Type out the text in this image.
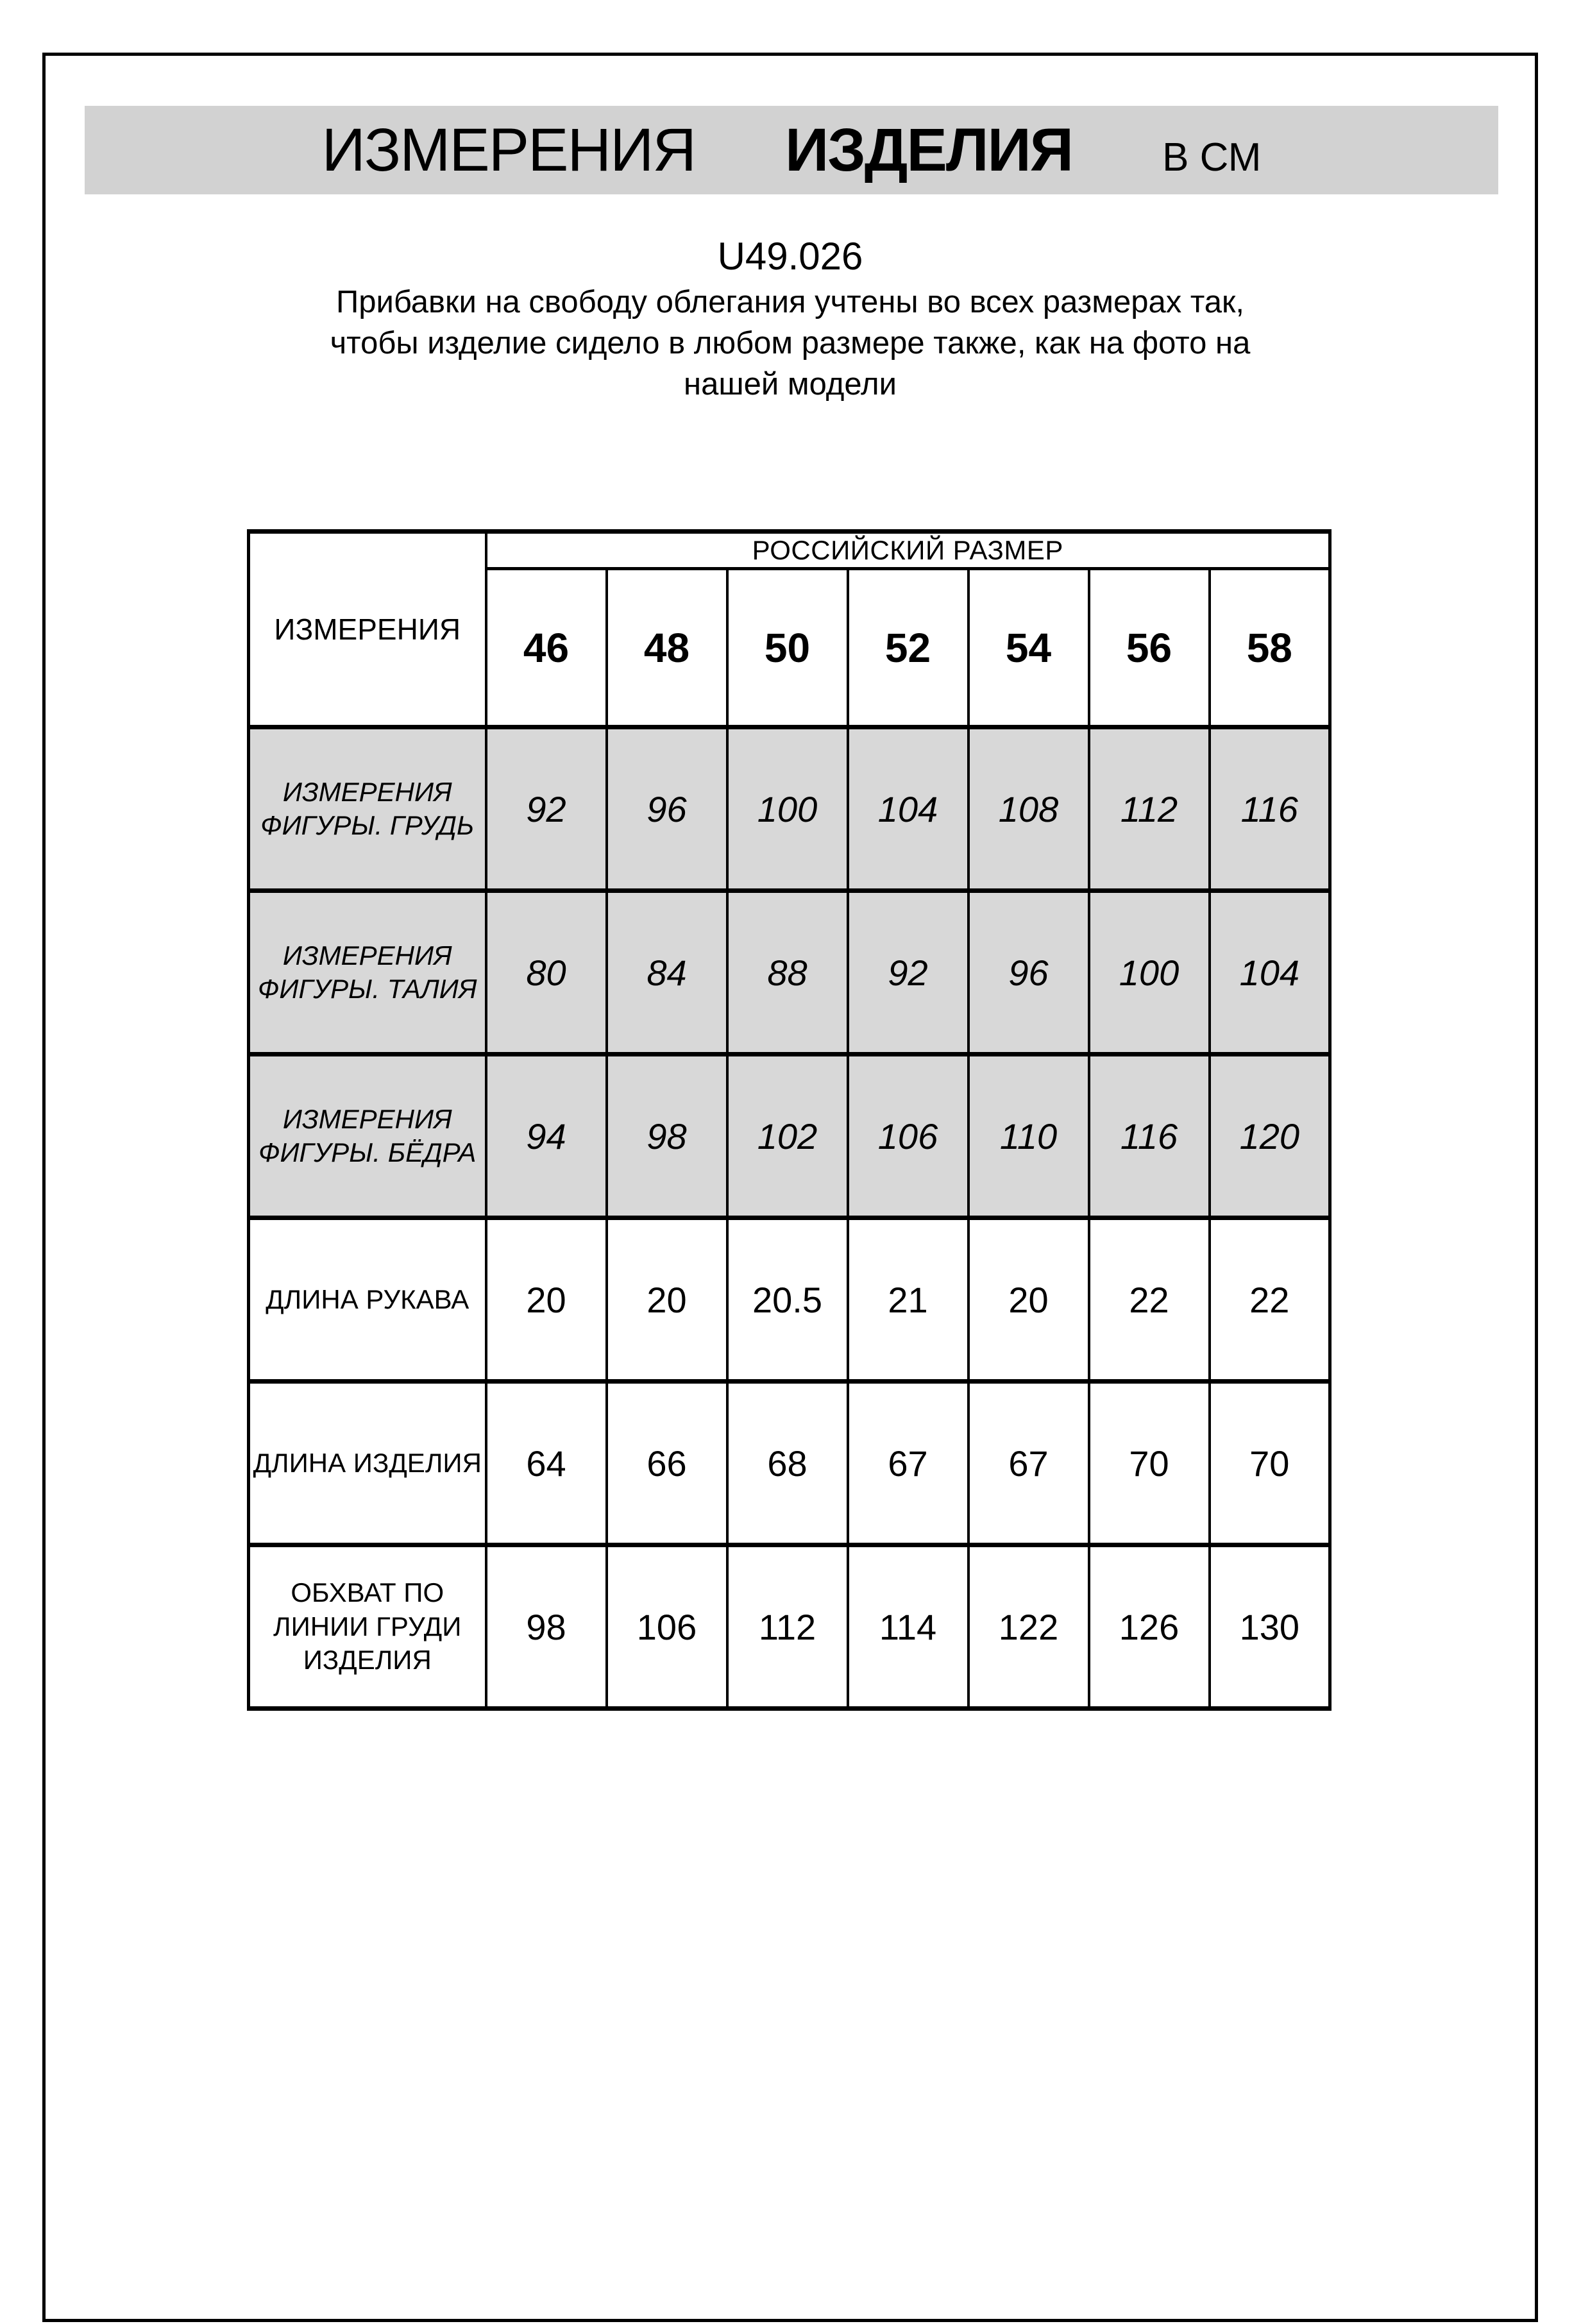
ИЗМЕРЕНИЯ ИЗДЕЛИЯ В СМ
U49.026
Прибавки на свободу облегания учтены во всех размерах так,
чтобы изделие сидело в любом размере также, как на фото на
нашей модели
ИЗМЕРЕНИЯ	РОССИЙСКИЙ РАЗМЕР						
	46	48	50	52	54	56	58
ИЗМЕРЕНИЯ ФИГУРЫ. ГРУДЬ	92	96	100	104	108	112	116
ИЗМЕРЕНИЯ ФИГУРЫ. ТАЛИЯ	80	84	88	92	96	100	104
ИЗМЕРЕНИЯ ФИГУРЫ. БЁДРА	94	98	102	106	110	116	120
ДЛИНА РУКАВА	20	20	20.5	21	20	22	22
ДЛИНА ИЗДЕЛИЯ	64	66	68	67	67	70	70
ОБХВАТ ПО ЛИНИИ ГРУДИ ИЗДЕЛИЯ	98	106	112	114	122	126	130
